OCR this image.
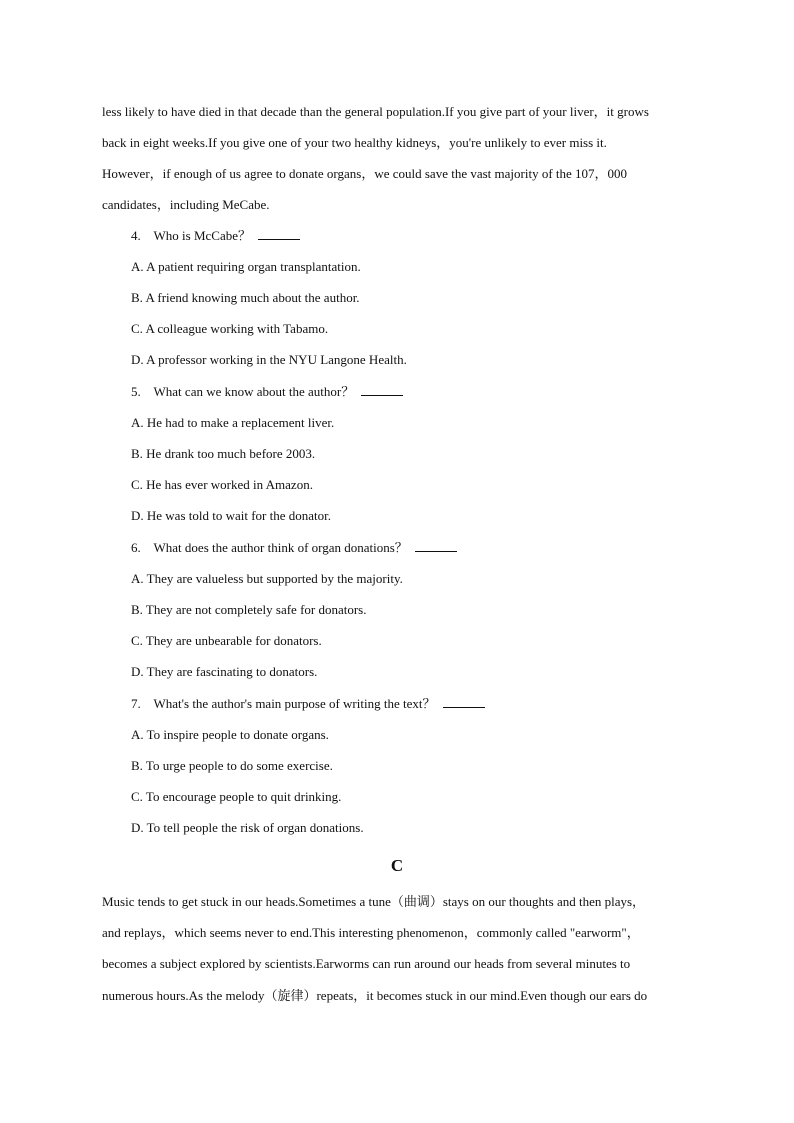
less likely to have died in that decade than the general population.If you give part of your liver，it grows
back in eight weeks.If you give one of your two healthy kidneys，you're unlikely to ever miss it.
However，if enough of us agree to donate organs，we could save the vast majority of the 107，000
candidates，including MeCabe.
4. Who is McCabe？
A. A patient requiring organ transplantation.
B. A friend knowing much about the author.
C. A colleague working with Tabamo.
D. A professor working in the NYU Langone Health.
5. What can we know about the author？
A. He had to make a replacement liver.
B. He drank too much before 2003.
C. He has ever worked in Amazon.
D. He was told to wait for the donator.
6. What does the author think of organ donations？
A. They are valueless but supported by the majority.
B. They are not completely safe for donators.
C. They are unbearable for donators.
D. They are fascinating to donators.
7. What's the author's main purpose of writing the text？
A. To inspire people to donate organs.
B. To urge people to do some exercise.
C. To encourage people to quit drinking.
D. To tell people the risk of organ donations.
C
Music tends to get stuck in our heads.Sometimes a tune（曲调）stays on our thoughts and then plays，
and replays，which seems never to end.This interesting phenomenon，commonly called "earworm"，
becomes a subject explored by scientists.Earworms can run around our heads from several minutes to
numerous hours.As the melody（旋律）repeats，it becomes stuck in our mind.Even though our ears do
